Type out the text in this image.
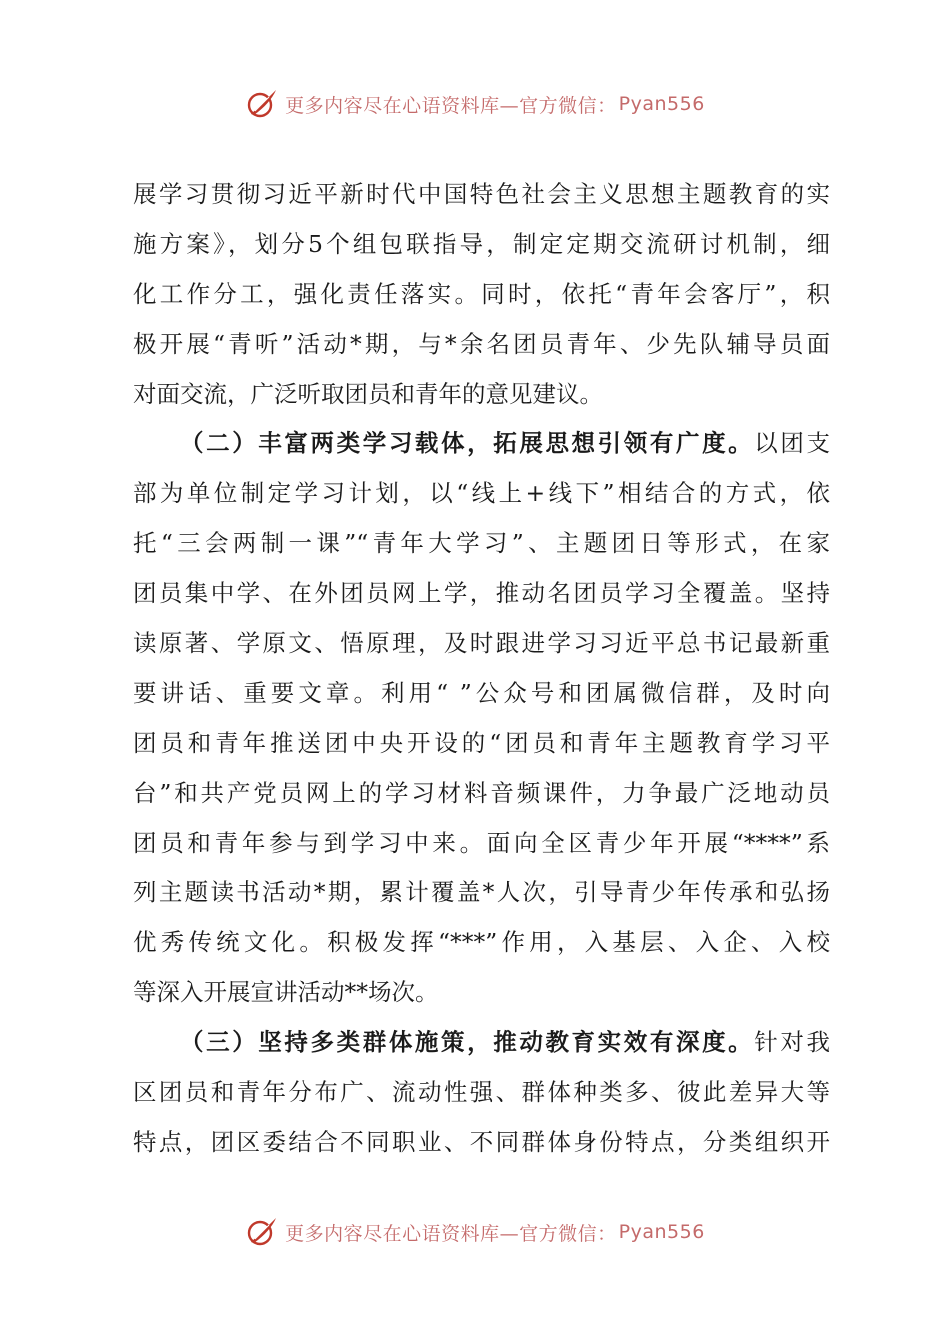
更多内容尽在心语资料库—官方微信： Pyan556
展学习贯彻习近平新时代中国特色社会主义思想主题教育的实
施方案》，划分5个组包联指导，制定定期交流研讨机制，细
化工作分工，强化责任落实。同时，依托“青年会客厅”，积
极开展“青听”活动*期，与*余名团员青年、少先队辅导员面
对面交流，广泛听取团员和青年的意见建议。
（二）丰富两类学习载体，拓展思想引领有广度。以团支
部为单位制定学习计划，以“线上+线下”相结合的方式，依
托“三会两制一课”“青年大学习”、主题团日等形式，在家
团员集中学、在外团员网上学，推动名团员学习全覆盖。坚持
读原著、学原文、悟原理，及时跟进学习习近平总书记最新重
要讲话、重要文章。利用“ ”公众号和团属微信群，及时向
团员和青年推送团中央开设的“团员和青年主题教育学习平
台”和共产党员网上的学习材料音频课件，力争最广泛地动员
团员和青年参与到学习中来。面向全区青少年开展“****”系
列主题读书活动*期，累计覆盖*人次，引导青少年传承和弘扬
优秀传统文化。积极发挥“***”作用，入基层、入企、入校
等深入开展宣讲活动**场次。
（三）坚持多类群体施策，推动教育实效有深度。针对我
区团员和青年分布广、流动性强、群体种类多、彼此差异大等
特点，团区委结合不同职业、不同群体身份特点，分类组织开
更多内容尽在心语资料库—官方微信： Pyan556
